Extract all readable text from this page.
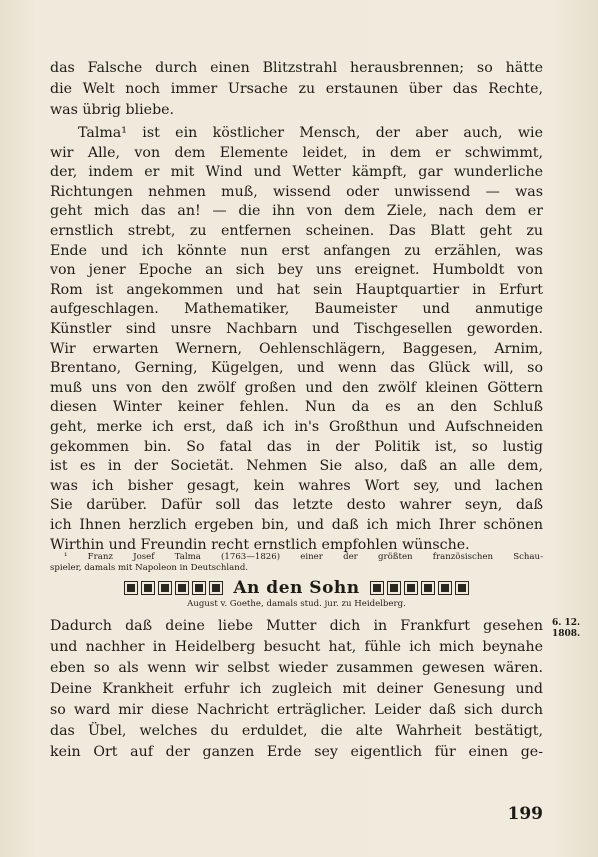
das Falsche durch einen Blitzstrahl herausbrennen; so hätte
die Welt noch immer Ursache zu erstaunen über das Rechte,
was übrig bliebe.
Talma¹ ist ein köstlicher Mensch, der aber auch, wie
wir Alle, von dem Elemente leidet, in dem er schwimmt,
der, indem er mit Wind und Wetter kämpft, gar wunderliche
Richtungen nehmen muß, wissend oder unwissend — was
geht mich das an! — die ihn von dem Ziele, nach dem er
ernstlich strebt, zu entfernen scheinen. Das Blatt geht zu
Ende und ich könnte nun erst anfangen zu erzählen, was
von jener Epoche an sich bey uns ereignet. Humboldt von
Rom ist angekommen und hat sein Hauptquartier in Erfurt
aufgeschlagen. Mathematiker, Baumeister und anmutige
Künstler sind unsre Nachbarn und Tischgesellen geworden.
Wir erwarten Wernern, Oehlenschlägern, Baggesen, Arnim,
Brentano, Gerning, Kügelgen, und wenn das Glück will, so
muß uns von den zwölf großen und den zwölf kleinen Göttern
diesen Winter keiner fehlen. Nun da es an den Schluß
geht, merke ich erst, daß ich in's Großthun und Aufschneiden
gekommen bin. So fatal das in der Politik ist, so lustig
ist es in der Societät. Nehmen Sie also, daß an alle dem,
was ich bisher gesagt, kein wahres Wort sey, und lachen
Sie darüber. Dafür soll das letzte desto wahrer seyn, daß
ich Ihnen herzlich ergeben bin, und daß ich mich Ihrer schönen
¹ Franz Josef Talma (1763—1826) einer der größten französischen Schau-
spieler, damals mit Napoleon in Deutschland.
Dadurch daß deine liebe Mutter dich in Frankfurt gesehen
und nachher in Heidelberg besucht hat, fühle ich mich beynahe
eben so als wenn wir selbst wieder zusammen gewesen wären.
Deine Krankheit erfuhr ich zugleich mit deiner Genesung und
so ward mir diese Nachricht erträglicher. Leider daß sich durch
das Übel, welches du erduldet, die alte Wahrheit bestätigt,
kein Ort auf der ganzen Erde sey eigentlich für einen ge-
Wirthin und Freundin recht ernstlich empfohlen wünsche.
An den Sohn
August v. Goethe, damals stud. jur. zu Heidelberg.
6. 12.
1808.
199
